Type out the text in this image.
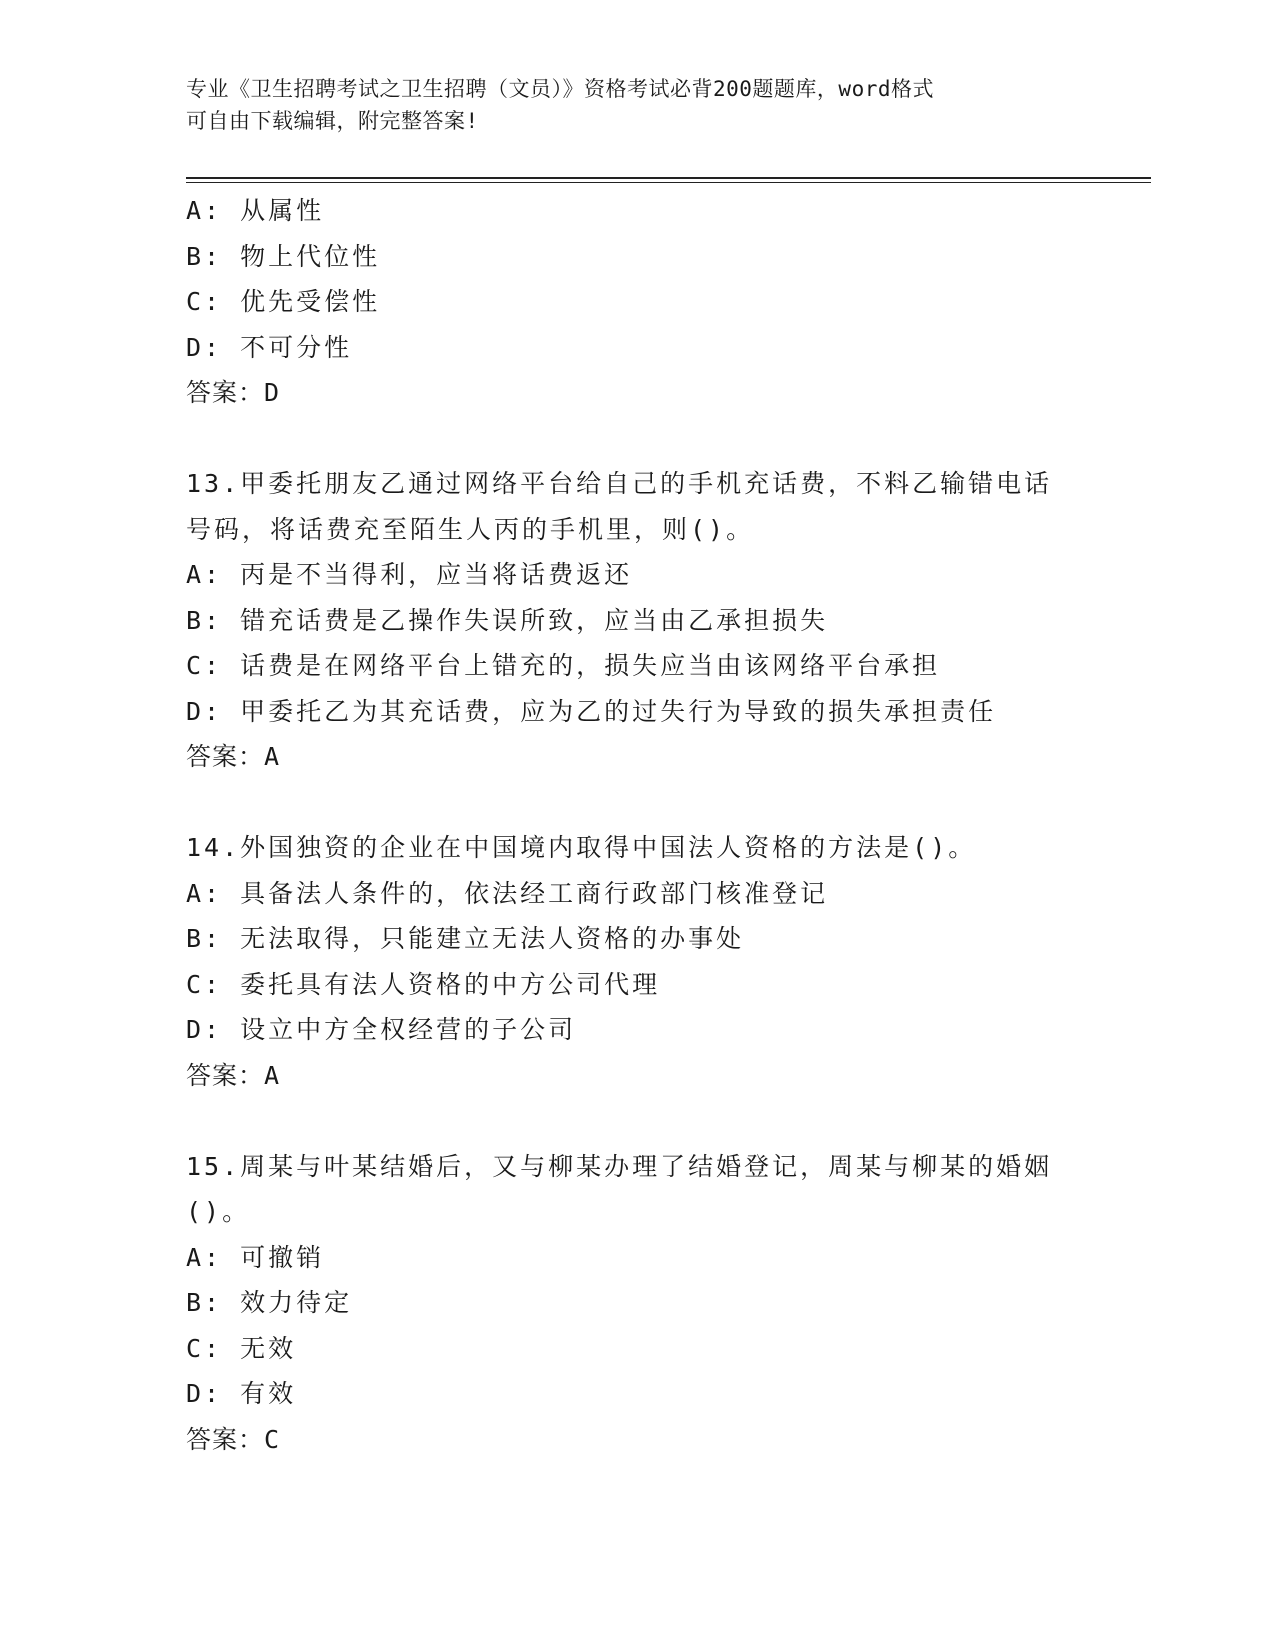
专业《卫生招聘考试之卫生招聘（文员）》资格考试必背200题题库，word格式
可自由下载编辑，附完整答案!
A: 从属性
B: 物上代位性
C: 优先受偿性
D: 不可分性
答案：D
13.甲委托朋友乙通过网络平台给自己的手机充话费，不料乙输错电话
号码，将话费充至陌生人丙的手机里，则()。
A: 丙是不当得利，应当将话费返还
B: 错充话费是乙操作失误所致，应当由乙承担损失
C: 话费是在网络平台上错充的，损失应当由该网络平台承担
D: 甲委托乙为其充话费，应为乙的过失行为导致的损失承担责任
答案：A
14.外国独资的企业在中国境内取得中国法人资格的方法是()。
A: 具备法人条件的，依法经工商行政部门核准登记
B: 无法取得，只能建立无法人资格的办事处
C: 委托具有法人资格的中方公司代理
D: 设立中方全权经营的子公司
答案：A
15.周某与叶某结婚后，又与柳某办理了结婚登记，周某与柳某的婚姻
()。
A: 可撤销
B: 效力待定
C: 无效
D: 有效
答案：C
